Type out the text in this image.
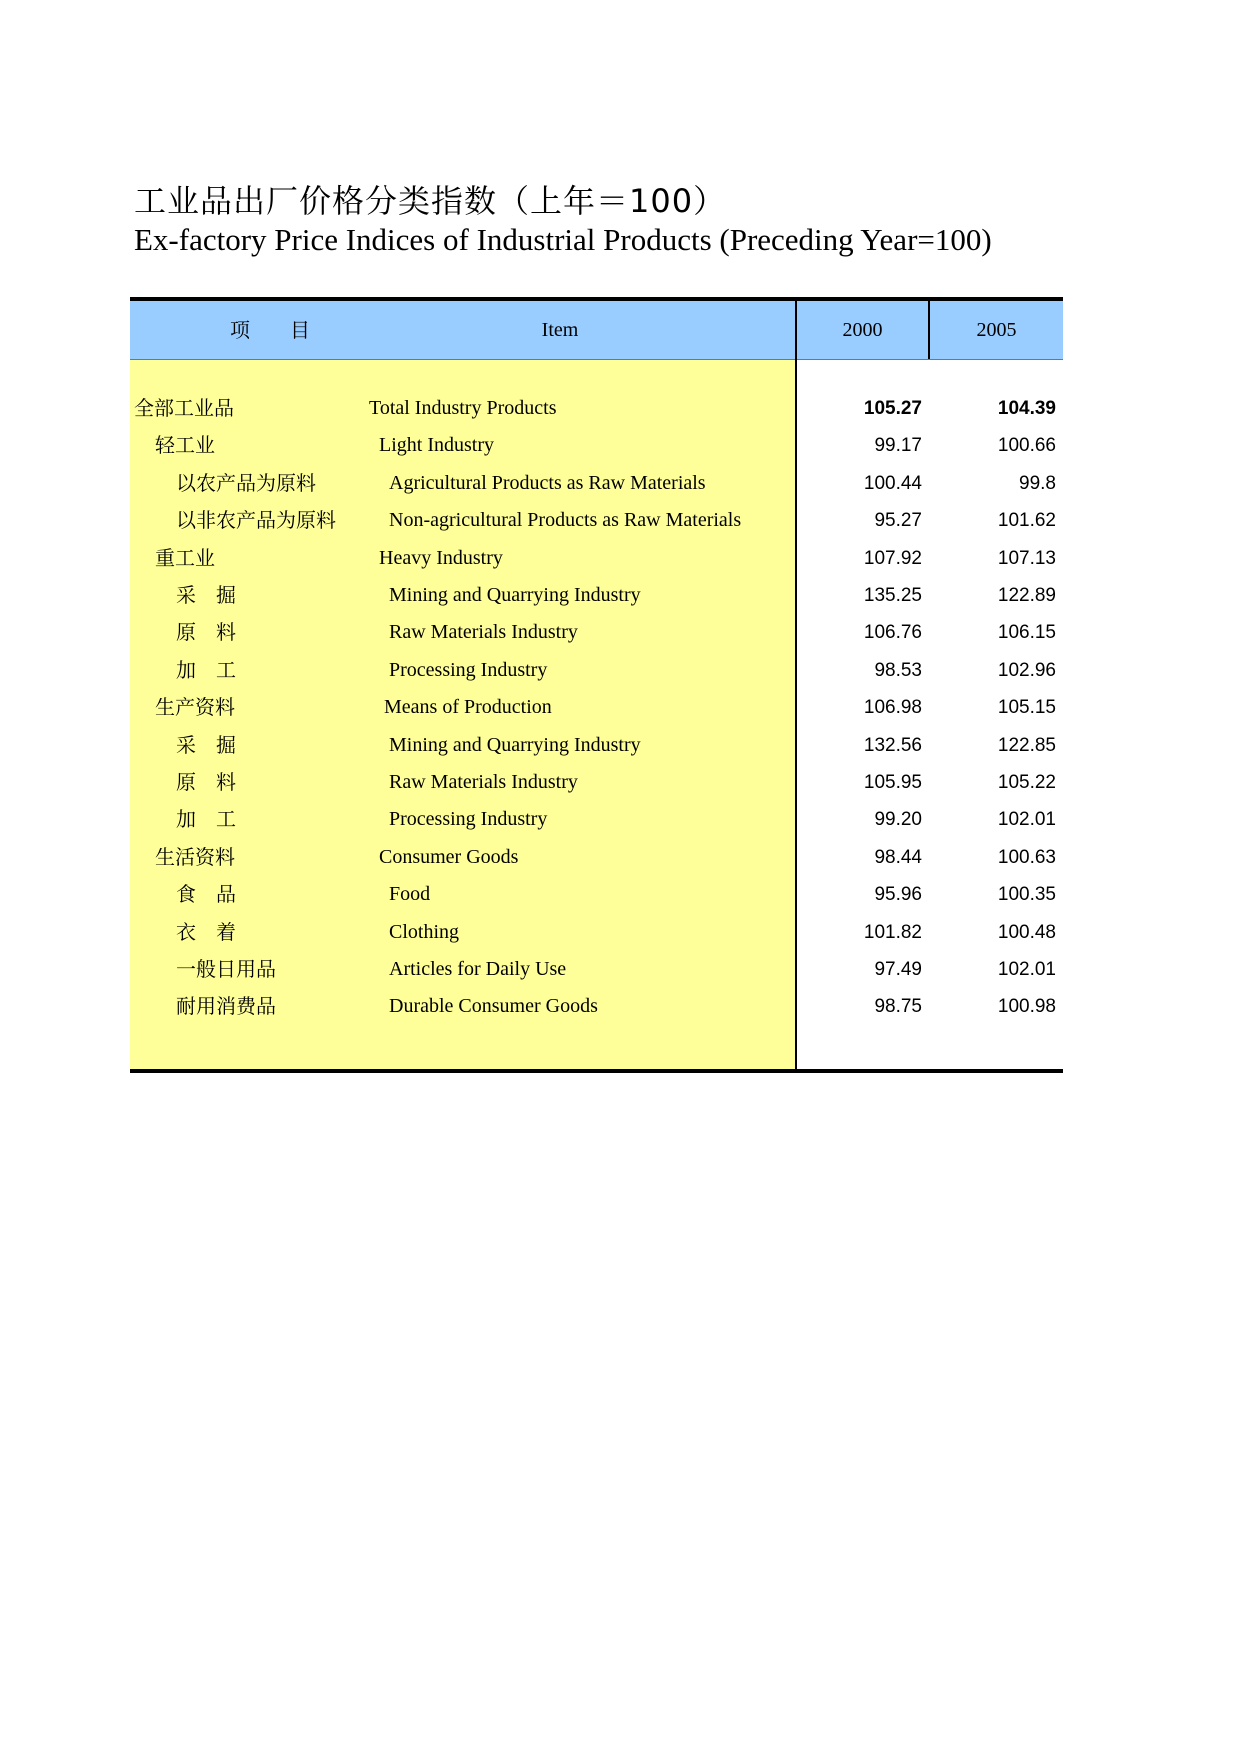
工业品出厂价格分类指数（上年＝100）
Ex-factory Price Indices of Industrial Products (Preceding Year=100)
项　　目	Item	2000	2005
全部工业品	Total Industry Products	105.27	104.39
轻工业	Light Industry	99.17	100.66
以农产品为原料	Agricultural Products as Raw Materials	100.44	99.8
以非农产品为原料	Non-agricultural Products as Raw Materials	95.27	101.62
重工业	Heavy Industry	107.92	107.13
采　掘	Mining and Quarrying Industry	135.25	122.89
原　料	Raw Materials Industry	106.76	106.15
加　工	Processing Industry	98.53	102.96
生产资料	Means of Production	106.98	105.15
采　掘	Mining and Quarrying Industry	132.56	122.85
原　料	Raw Materials Industry	105.95	105.22
加　工	Processing Industry	99.20	102.01
生活资料	Consumer Goods	98.44	100.63
食　品	Food	95.96	100.35
衣　着	Clothing	101.82	100.48
一般日用品	Articles for Daily Use	97.49	102.01
耐用消费品	Durable Consumer Goods	98.75	100.98
